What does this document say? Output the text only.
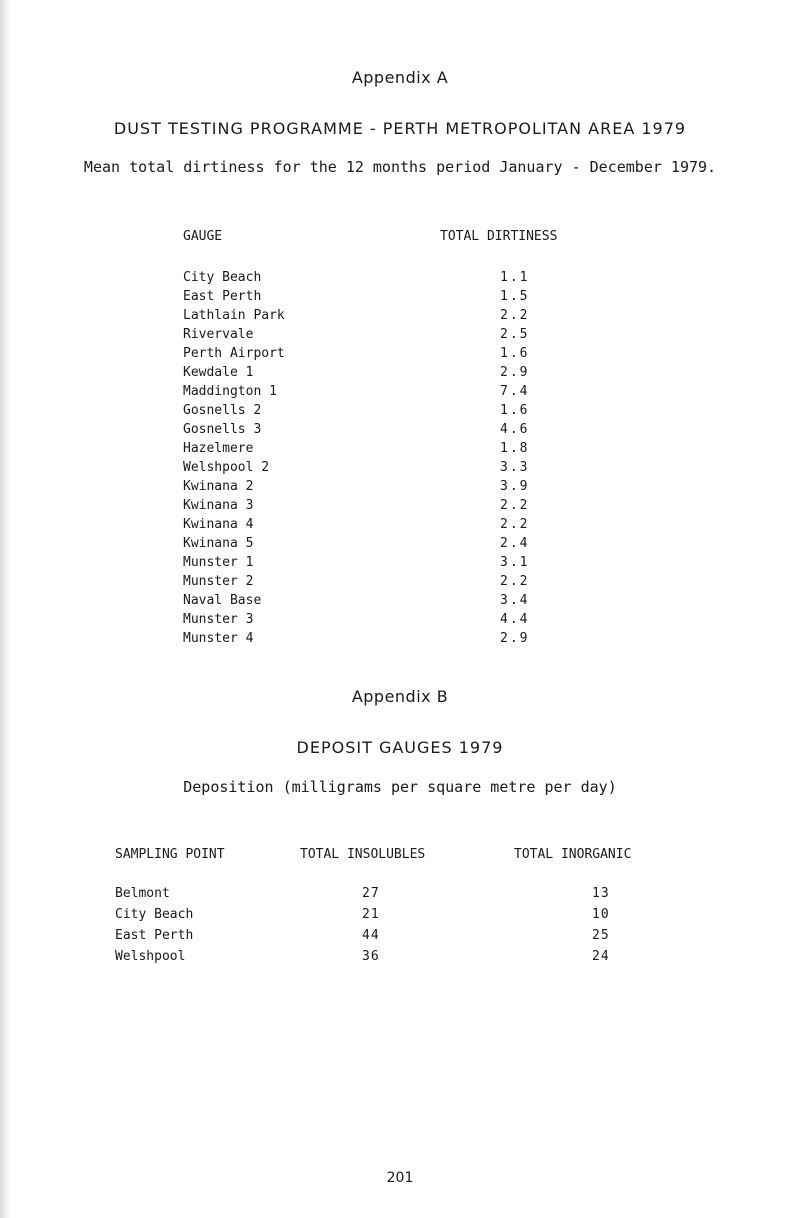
Appendix A
DUST TESTING PROGRAMME - PERTH METROPOLITAN AREA 1979
Mean total dirtiness for the 12 months period January - December 1979.
GAUGE	TOTAL DIRTINESS
City Beach	1.1
East Perth	1.5
Lathlain Park	2.2
Rivervale	2.5
Perth Airport	1.6
Kewdale 1	2.9
Maddington 1	7.4
Gosnells 2	1.6
Gosnells 3	4.6
Hazelmere	1.8
Welshpool 2	3.3
Kwinana 2	3.9
Kwinana 3	2.2
Kwinana 4	2.2
Kwinana 5	2.4
Munster 1	3.1
Munster 2	2.2
Naval Base	3.4
Munster 3	4.4
Munster 4	2.9
Appendix B
DEPOSIT GAUGES 1979
Deposition (milligrams per square metre per day)
SAMPLING POINT	TOTAL INSOLUBLES	TOTAL INORGANIC
Belmont	27	13
City Beach	21	10
East Perth	44	25
Welshpool	36	24
201
